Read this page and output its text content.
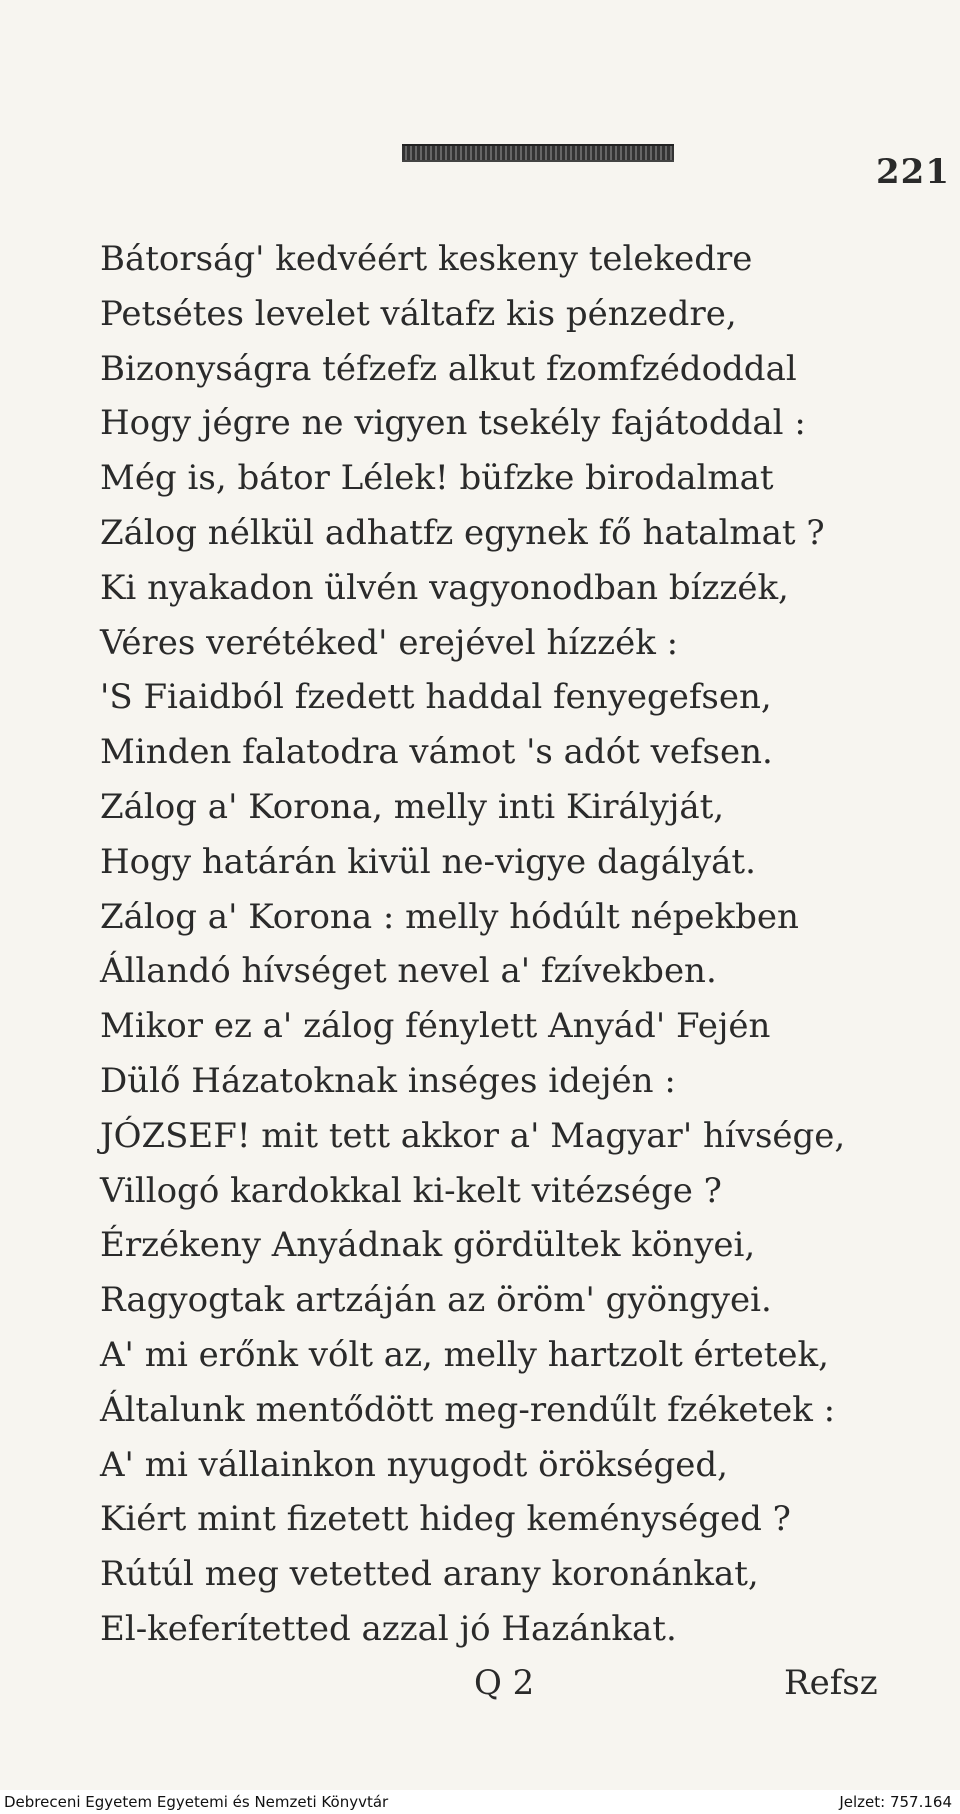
221
Bátorság' kedvéért keskeny telekedre
Petsétes levelet váltafz kis pénzedre,
Bizonyságra téfzefz alkut fzomfzédoddal
Hogy jégre ne vigyen tsekély fajátoddal :
Még is, bátor Lélek! büfzke birodalmat
Zálog nélkül adhatfz egynek fő hatalmat ?
Ki nyakadon ülvén vagyonodban bízzék,
Véres verétéked' erejével hízzék :
'S Fiaidból fzedett haddal fenyegefsen,
Minden falatodra vámot 's adót vefsen.
Zálog a' Korona, melly inti Királyját,
Hogy határán kivül ne-vigye dagályát.
Zálog a' Korona : melly hódúlt népekben
Állandó hívséget nevel a' fzívekben.
Mikor ez a' zálog fénylett Anyád' Fején
Dülő Házatoknak inséges idején :
JÓZSEF! mit tett akkor a' Magyar' hívsége,
Villogó kardokkal ki-kelt vitézsége ?
Érzékeny Anyádnak gördültek könyei,
Ragyogtak artzáján az öröm' gyöngyei.
A' mi erőnk vólt az, melly hartzolt értetek,
Általunk mentődött meg-rendűlt fzéketek :
A' mi vállainkon nyugodt örökséged,
Kiért mint fizetett hideg keménységed ?
Rútúl meg vetetted arany koronánkat,
El-keferítetted azzal jó Hazánkat.
Q 2	Refsz
Debreceni Egyetem Egyetemi és Nemzeti Könyvtár	Jelzet: 757.164
